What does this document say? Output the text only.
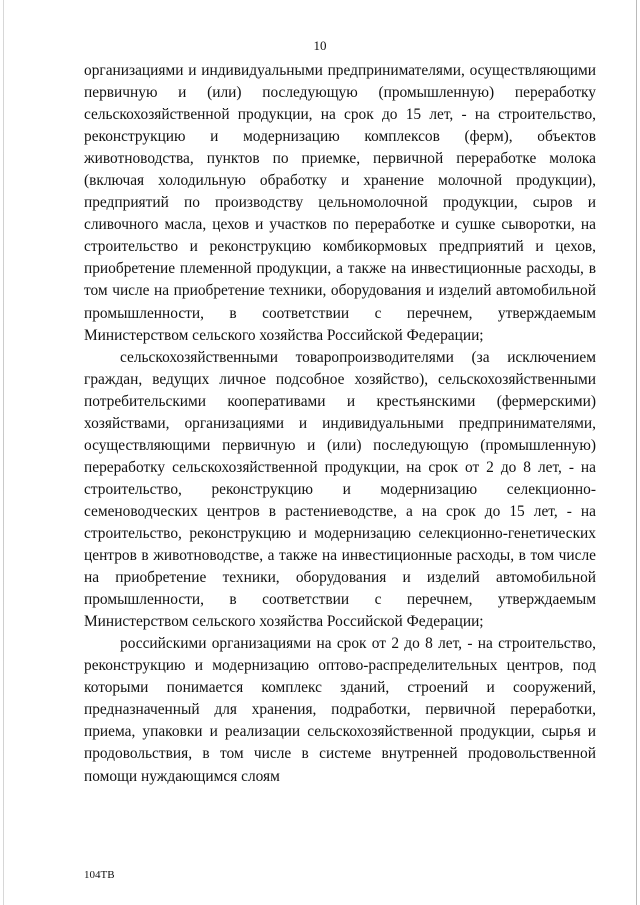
10

организациями и индивидуальными предпринимателями, осуществляющими первичную и (или) последующую (промышленную) переработку сельскохозяйственной продукции, на срок до 15 лет, - на строительство, реконструкцию и модернизацию комплексов (ферм), объектов животноводства, пунктов по приемке, первичной переработке молока (включая холодильную обработку и хранение молочной продукции), предприятий по производству цельномолочной продукции, сыров и сливочного масла, цехов и участков по переработке и сушке сыворотки, на строительство и реконструкцию комбикормовых предприятий и цехов, приобретение племенной продукции, а также на инвестиционные расходы, в том числе на приобретение техники, оборудования и изделий автомобильной промышленности, в соответствии с перечнем, утверждаемым Министерством сельского хозяйства Российской Федерации;

сельскохозяйственными товаропроизводителями (за исключением граждан, ведущих личное подсобное хозяйство), сельскохозяйственными потребительскими кооперативами и крестьянскими (фермерскими) хозяйствами, организациями и индивидуальными предпринимателями, осуществляющими первичную и (или) последующую (промышленную) переработку сельскохозяйственной продукции, на срок от 2 до 8 лет, - на строительство, реконструкцию и модернизацию селекционно-семеноводческих центров в растениеводстве, а на срок до 15 лет, - на строительство, реконструкцию и модернизацию селекционно-генетических центров в животноводстве, а также на инвестиционные расходы, в том числе на приобретение техники, оборудования и изделий автомобильной промышленности, в соответствии с перечнем, утверждаемым Министерством сельского хозяйства Российской Федерации;

российскими организациями на срок от 2 до 8 лет, - на строительство, реконструкцию и модернизацию оптово-распределительных центров, под которыми понимается комплекс зданий, строений и сооружений, предназначенный для хранения, подработки, первичной переработки, приема, упаковки и реализации сельскохозяйственной продукции, сырья и продовольствия, в том числе в системе внутренней продовольственной помощи нуждающимся слоям

104ТВ
